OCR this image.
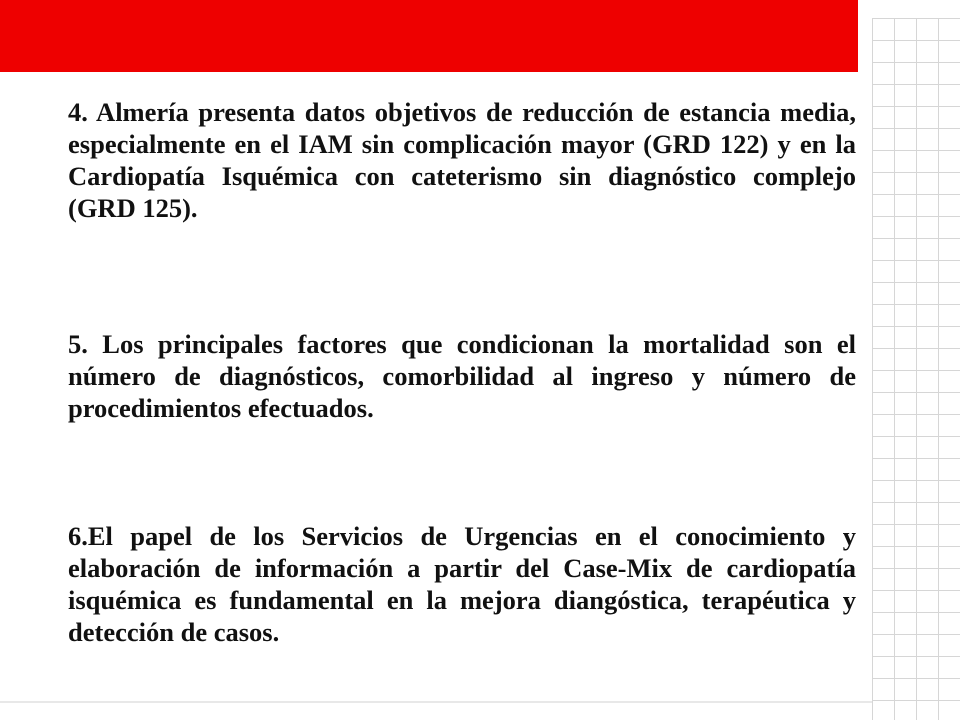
4. Almería presenta datos objetivos de reducción de estancia media, especialmente en el IAM sin complicación mayor (GRD 122) y en la Cardiopatía Isquémica con cateterismo sin diagnóstico complejo (GRD 125).

5. Los principales factores que condicionan la mortalidad son el número de diagnósticos, comorbilidad al ingreso y número de procedimientos efectuados.

6.El papel de los Servicios de Urgencias en el conocimiento y elaboración de información a partir del Case-Mix de cardiopatía isquémica es fundamental en la mejora diangóstica, terapéutica y detección de casos.
